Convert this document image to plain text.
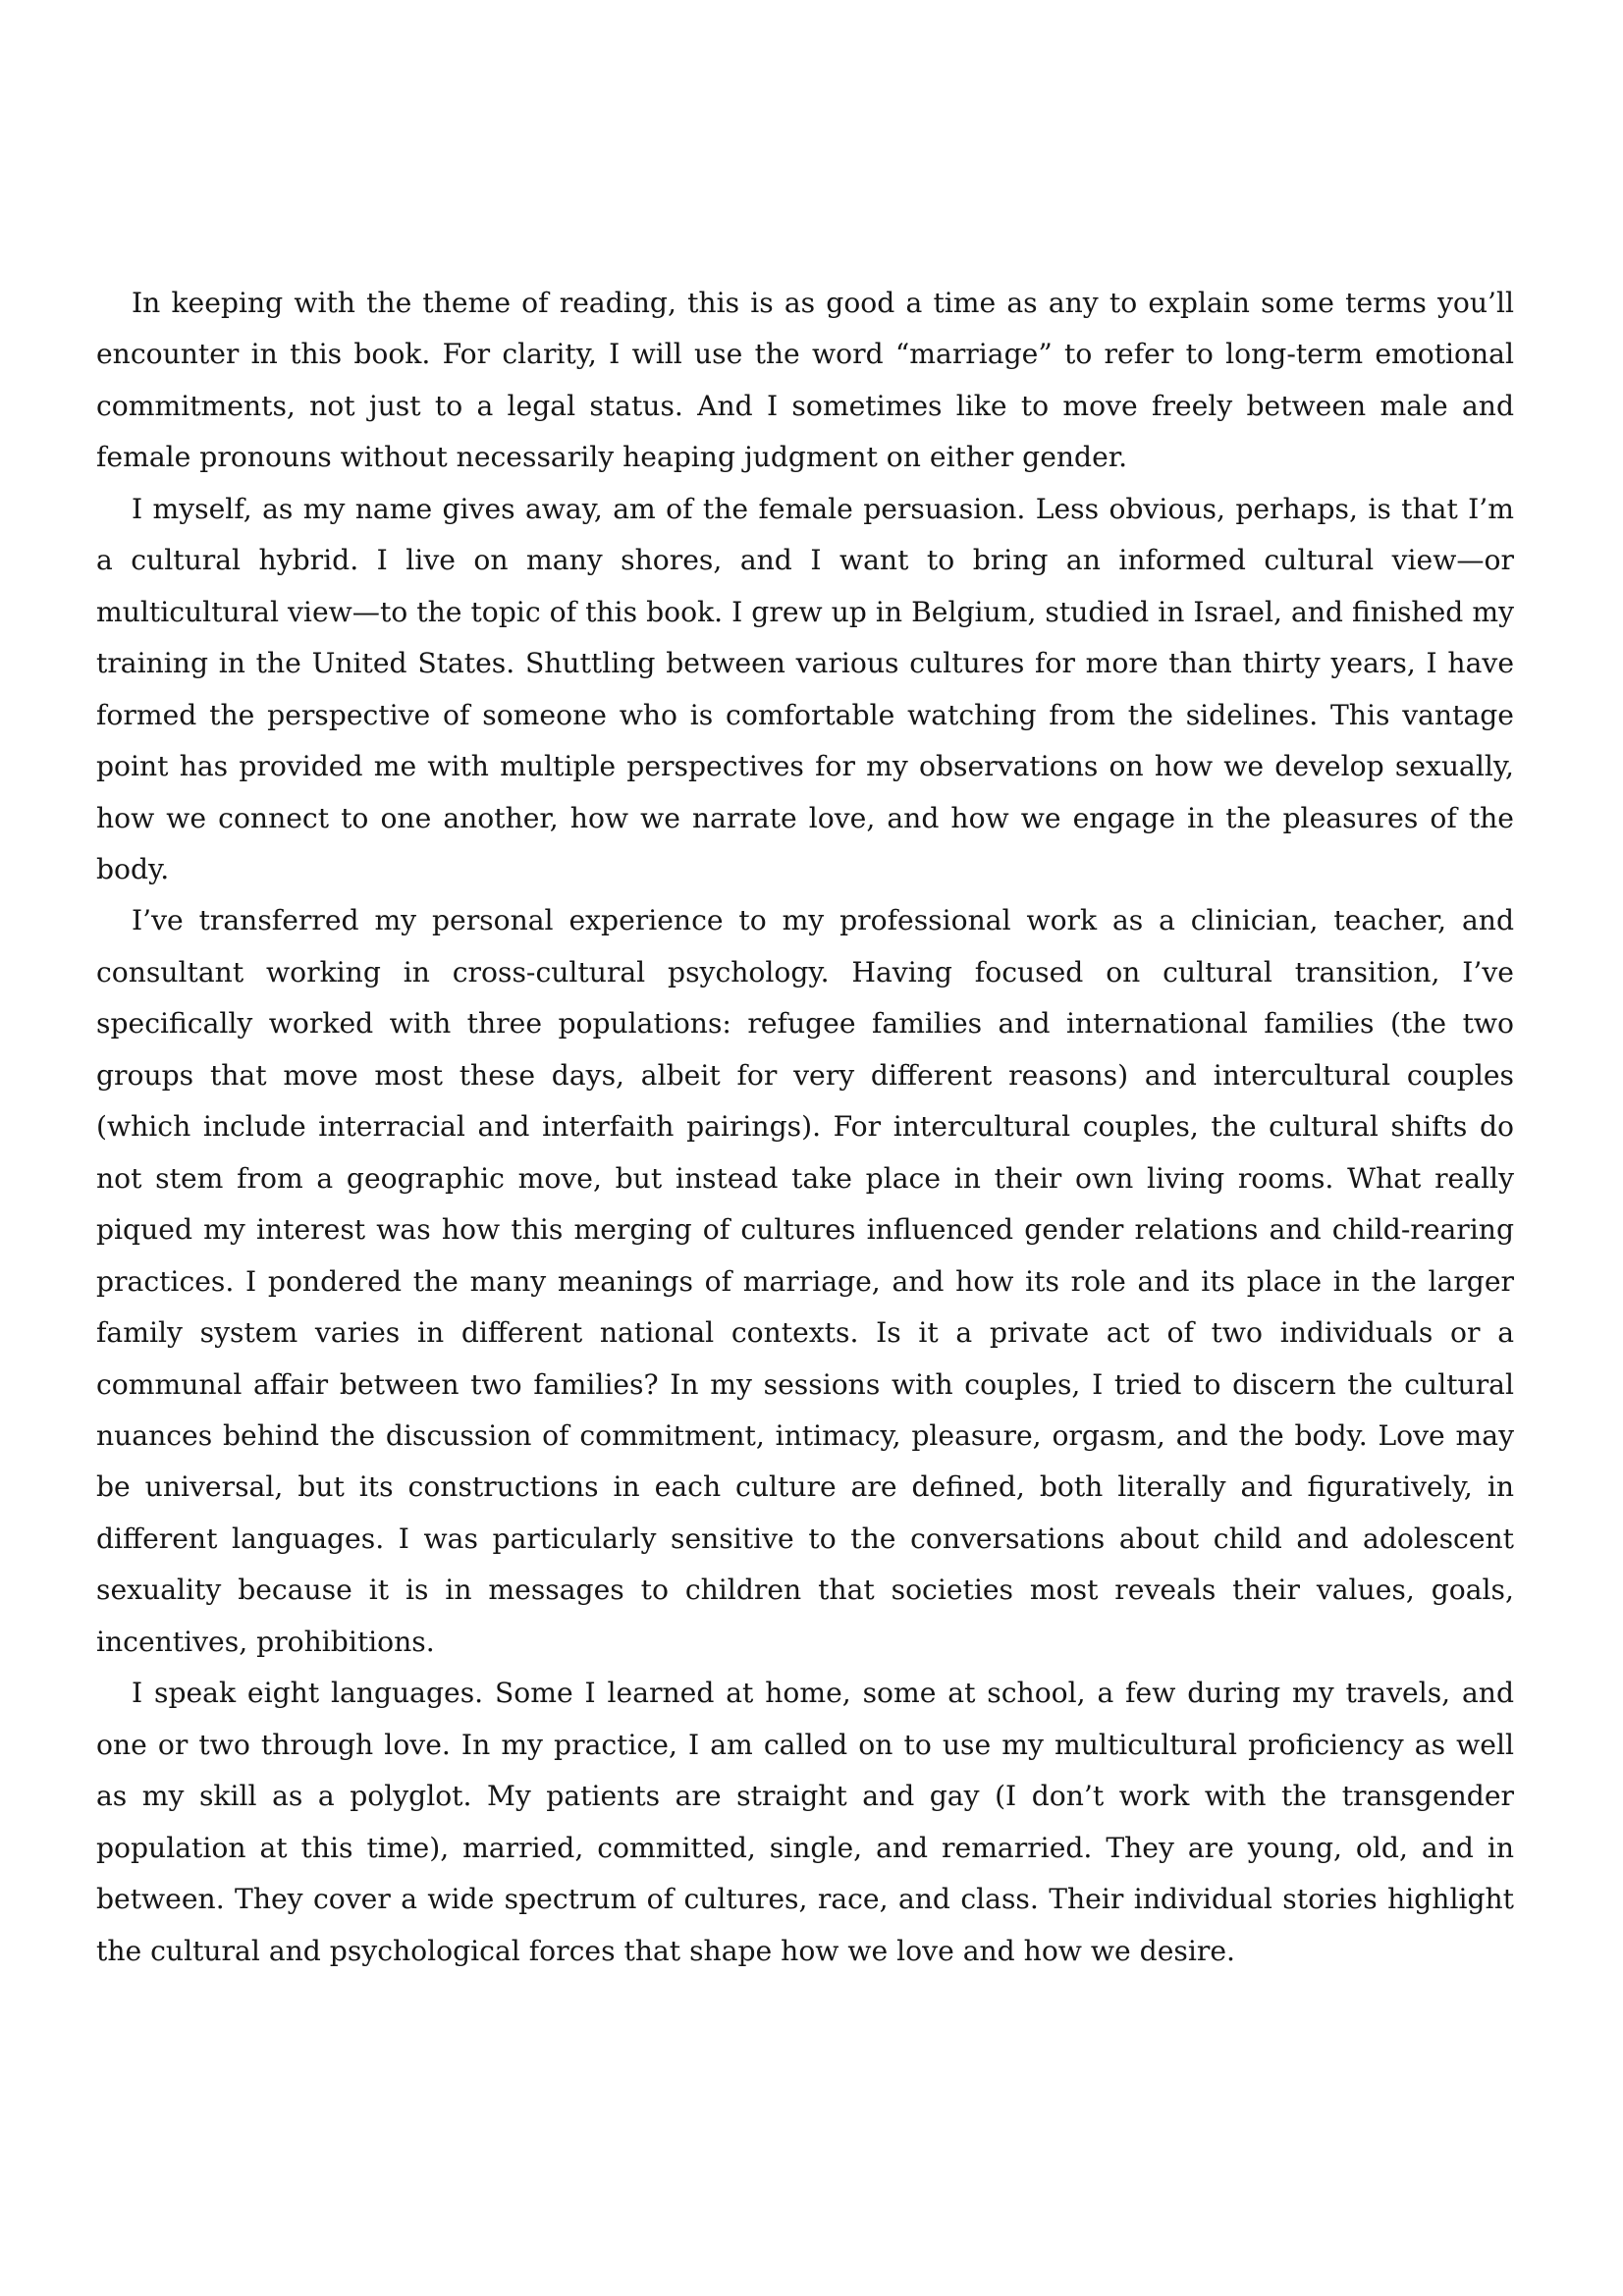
In keeping with the theme of reading, this is as good a time as any to explain some terms you’ll encounter in this book. For clarity, I will use the word “marriage” to refer to long-term emotional commitments, not just to a legal status. And I sometimes like to move freely between male and female pronouns without necessarily heaping judgment on either gender.

I myself, as my name gives away, am of the female persuasion. Less obvious, perhaps, is that I’m a cultural hybrid. I live on many shores, and I want to bring an informed cultural view—or multicultural view—to the topic of this book. I grew up in Belgium, studied in Israel, and finished my training in the United States. Shuttling between various cultures for more than thirty years, I have formed the perspective of someone who is comfortable watching from the sidelines. This vantage point has provided me with multiple perspectives for my observations on how we develop sexually, how we connect to one another, how we narrate love, and how we engage in the pleasures of the body.

I’ve transferred my personal experience to my professional work as a clinician, teacher, and consultant working in cross-cultural psychology. Having focused on cultural transition, I’ve specifically worked with three populations: refugee families and international families (the two groups that move most these days, albeit for very different reasons) and intercultural couples (which include interracial and interfaith pairings). For intercultural couples, the cultural shifts do not stem from a geographic move, but instead take place in their own living rooms. What really piqued my interest was how this merging of cultures influenced gender relations and child-rearing practices. I pondered the many meanings of marriage, and how its role and its place in the larger family system varies in different national contexts. Is it a private act of two individuals or a communal affair between two families? In my sessions with couples, I tried to discern the cultural nuances behind the discussion of commitment, intimacy, pleasure, orgasm, and the body. Love may be universal, but its constructions in each culture are defined, both literally and figuratively, in different languages. I was particularly sensitive to the conversations about child and adolescent sexuality because it is in messages to children that societies most reveals their values, goals, incentives, prohibitions.

I speak eight languages. Some I learned at home, some at school, a few during my travels, and one or two through love. In my practice, I am called on to use my multicultural proficiency as well as my skill as a polyglot. My patients are straight and gay (I don’t work with the transgender population at this time), married, committed, single, and remarried. They are young, old, and in between. They cover a wide spectrum of cultures, race, and class. Their individual stories highlight the cultural and psychological forces that shape how we love and how we desire.
